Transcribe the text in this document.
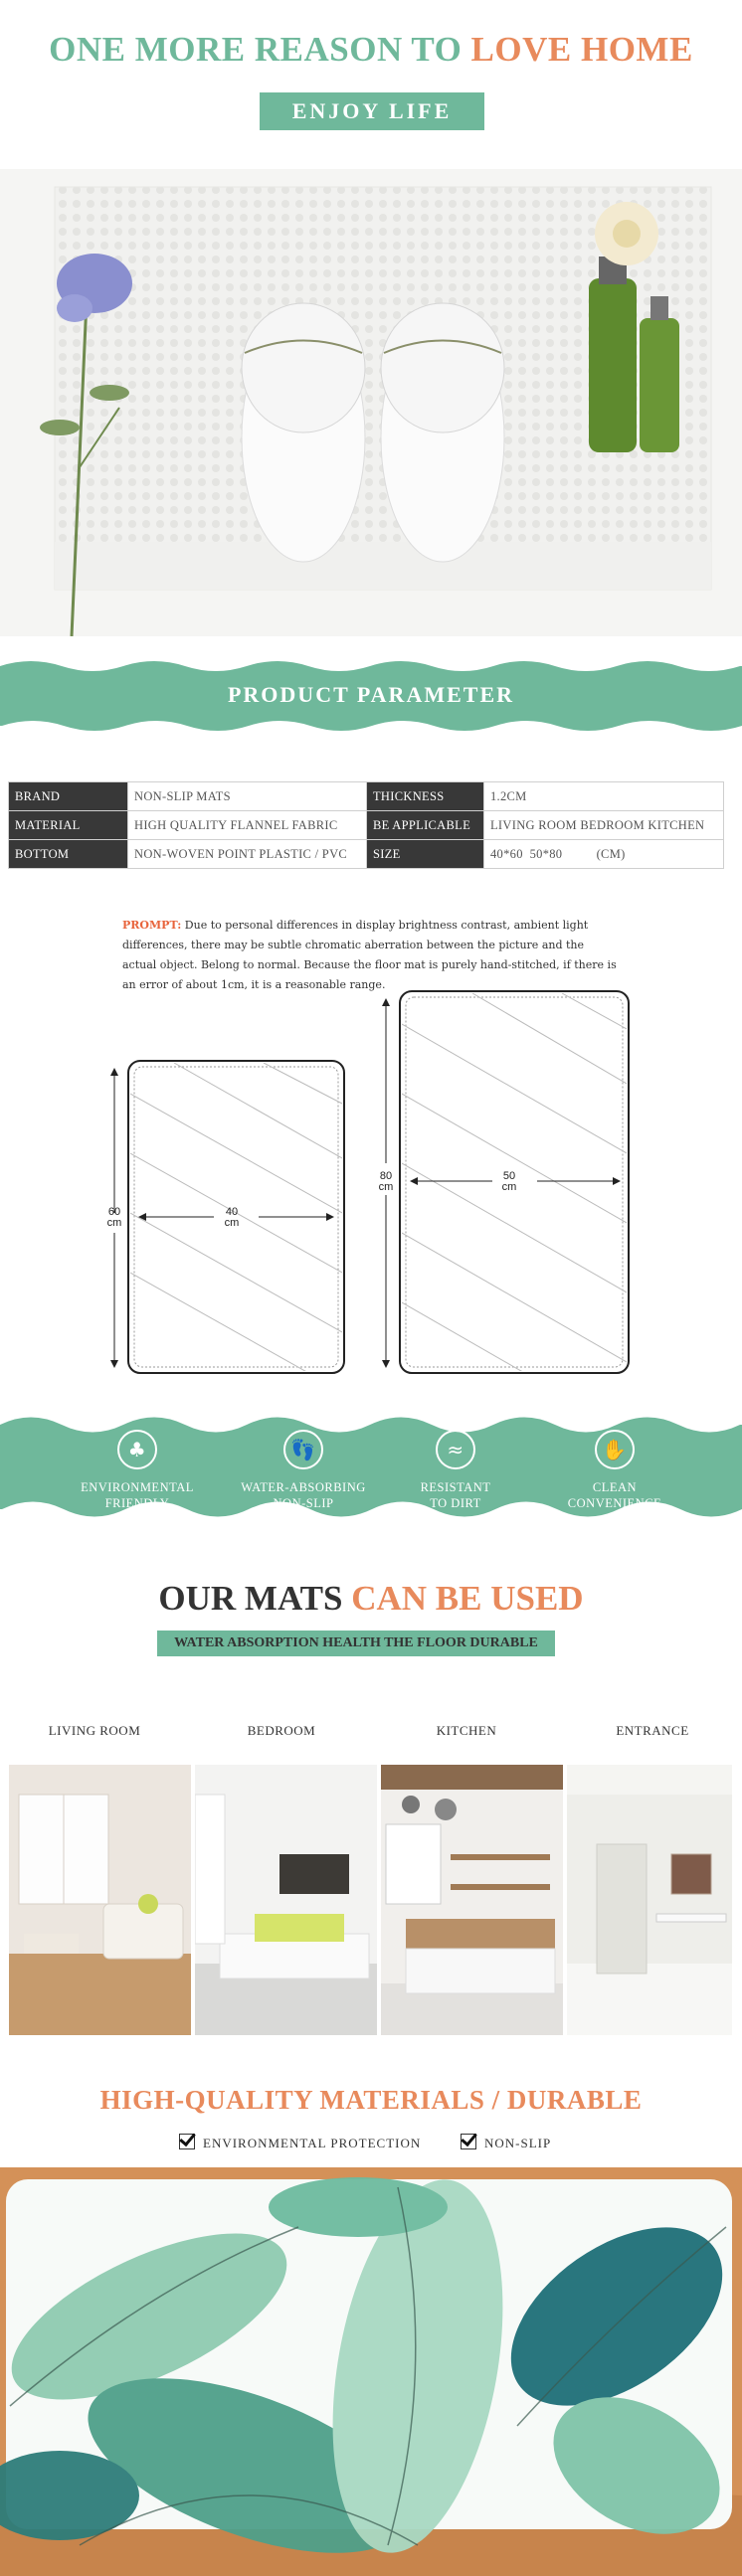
ONE MORE REASON TO LOVE HOME
ENJOY LIFE
PRODUCT PARAMETER
BRAND	NON-SLIP MATS	THICKNESS	1.2CM
MATERIAL	HIGH QUALITY FLANNEL FABRIC	BE APPLICABLE	LIVING ROOM BEDROOM KITCHEN
BOTTOM	NON-WOVEN POINT PLASTIC / PVC	SIZE	40*60  50*80          (CM)
PROMPT: Due to personal differences in display brightness contrast, ambient light differences, there may be subtle chromatic aberration between the picture and the actual object. Belong to normal. Because the floor mat is purely hand-stitched, if there is an error of about 1cm, it is a reasonable range.
60
cm
40
cm
80
cm
50
cm
♣
ENVIRONMENTAL
FRIENDLY
👣
WATER-ABSORBING
NON-SLIP
≈
RESISTANT
TO DIRT
✋
CLEAN
CONVENIENCE
OUR MATS CAN BE USED
WATER ABSORPTION HEALTH THE FLOOR DURABLE
LIVING ROOM	BEDROOM	KITCHEN	ENTRANCE
HIGH-QUALITY MATERIALS / DURABLE
ENVIRONMENTAL PROTECTION	NON-SLIP
